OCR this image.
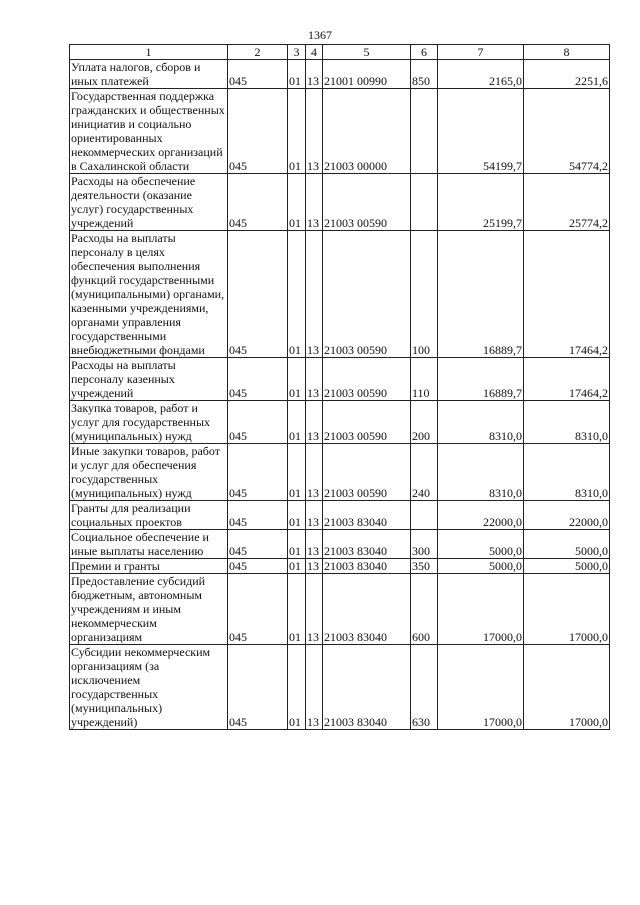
1367
1	2	3	4	5	6	7	8
Уплата налогов, сборов и иных платежей	045	01	13	21001 00990	850	2165,0	2251,6
Государственная поддержка гражданских и общественных инициатив и социально ориентированных некоммерческих организаций в Сахалинской области	045	01	13	21003 00000		54199,7	54774,2
Расходы на обеспечение деятельности (оказание услуг) государственных учреждений	045	01	13	21003 00590		25199,7	25774,2
Расходы на выплаты персоналу в целях обеспечения выполнения функций государственными (муниципальными) органами, казенными учреждениями, органами управления государственными внебюджетными фондами	045	01	13	21003 00590	100	16889,7	17464,2
Расходы на выплаты персоналу казенных учреждений	045	01	13	21003 00590	110	16889,7	17464,2
Закупка товаров, работ и услуг для государственных (муниципальных) нужд	045	01	13	21003 00590	200	8310,0	8310,0
Иные закупки товаров, работ и услуг для обеспечения государственных (муниципальных) нужд	045	01	13	21003 00590	240	8310,0	8310,0
Гранты для реализации социальных проектов	045	01	13	21003 83040		22000,0	22000,0
Социальное обеспечение и иные выплаты населению	045	01	13	21003 83040	300	5000,0	5000,0
Премии и гранты	045	01	13	21003 83040	350	5000,0	5000,0
Предоставление субсидий бюджетным, автономным учреждениям и иным некоммерческим организациям	045	01	13	21003 83040	600	17000,0	17000,0
Субсидии некоммерческим организациям (за исключением государственных (муниципальных) учреждений)	045	01	13	21003 83040	630	17000,0	17000,0
